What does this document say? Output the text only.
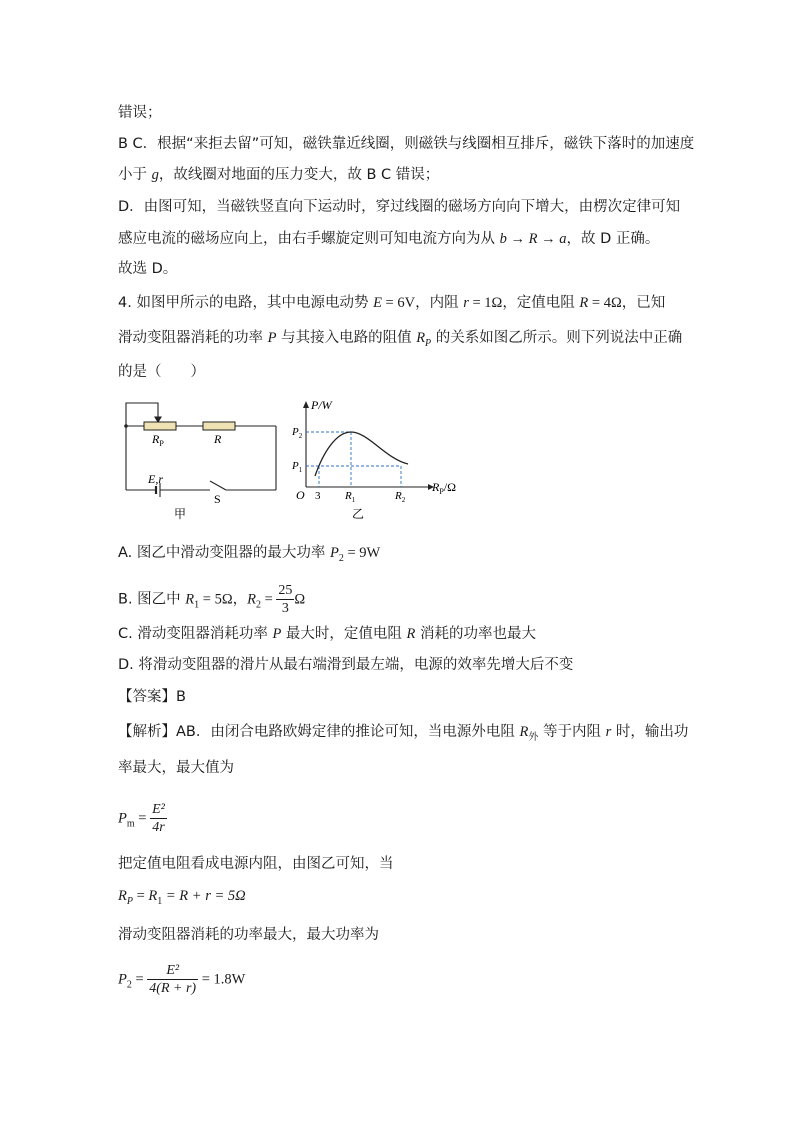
错误；
B C．根据“来拒去留”可知，磁铁靠近线圈，则磁铁与线圈相互排斥，磁铁下落时的加速度
小于 g，故线圈对地面的压力变大，故 B C 错误；
D．由图可知，当磁铁竖直向下运动时，穿过线圈的磁场方向向下增大，由楞次定律可知
感应电流的磁场应向上，由右手螺旋定则可知电流方向为从 b → R → a，故 D 正确。
故选 D。
4. 如图甲所示的电路，其中电源电动势 E = 6V，内阻 r = 1Ω，定值电阻 R = 4Ω，已知
滑动变阻器消耗的功率 P 与其接入电路的阻值 $R_P$ 的关系如图乙所示。则下列说法中正确
的是（　　）
$R_P$	R
E,r
S
甲
P/W
$R_P/\Omega$
$P_2$
$P_1$
O 3 $R_1$	$R_2$
乙
A. 图乙中滑动变阻器的最大功率 $P_2 = 9W$
B. 图乙中 $R_1 = 5\Omega$，$R_2 = \frac{25}{3}$ Ω
C. 滑动变阻器消耗功率 P 最大时，定值电阻 R 消耗的功率也最大
D. 将滑动变阻器的滑片从最右端滑到最左端，电源的效率先增大后不变
【答案】B
【解析】AB．由闭合电路欧姆定律的推论可知，当电源外电阻 $R_外$ 等于内阻 r 时，输出功
率最大，最大值为
$P_m = \frac{\text{E²}}{4r}$
把定值电阻看成电源内阻，由图乙可知，当
$R_P = R_1 = R + r = 5\Omega$
滑动变阻器消耗的功率最大，最大功率为
$P_2 = \frac{\text{E²}}{4(R + r)} = 1.8W$
